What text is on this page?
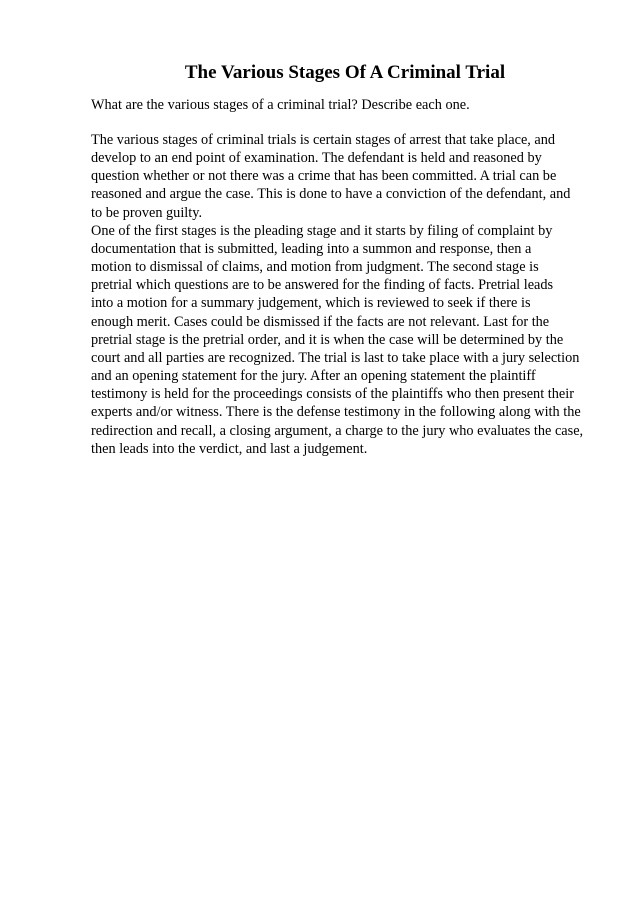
The Various Stages Of A Criminal Trial
What are the various stages of a criminal trial? Describe each one.
The various stages of criminal trials is certain stages of arrest that take place, and
develop to an end point of examination. The defendant is held and reasoned by
question whether or not there was a crime that has been committed. A trial can be
reasoned and argue the case. This is done to have a conviction of the defendant, and
to be proven guilty.
One of the first stages is the pleading stage and it starts by filing of complaint by
documentation that is submitted, leading into a summon and response, then a
motion to dismissal of claims, and motion from judgment. The second stage is
pretrial which questions are to be answered for the finding of facts. Pretrial leads
into a motion for a summary judgement, which is reviewed to seek if there is
enough merit. Cases could be dismissed if the facts are not relevant. Last for the
pretrial stage is the pretrial order, and it is when the case will be determined by the
court and all parties are recognized. The trial is last to take place with a jury selection
and an opening statement for the jury. After an opening statement the plaintiff
testimony is held for the proceedings consists of the plaintiffs who then present their
experts and/or witness. There is the defense testimony in the following along with the
redirection and recall, a closing argument, a charge to the jury who evaluates the case,
then leads into the verdict, and last a judgement.
